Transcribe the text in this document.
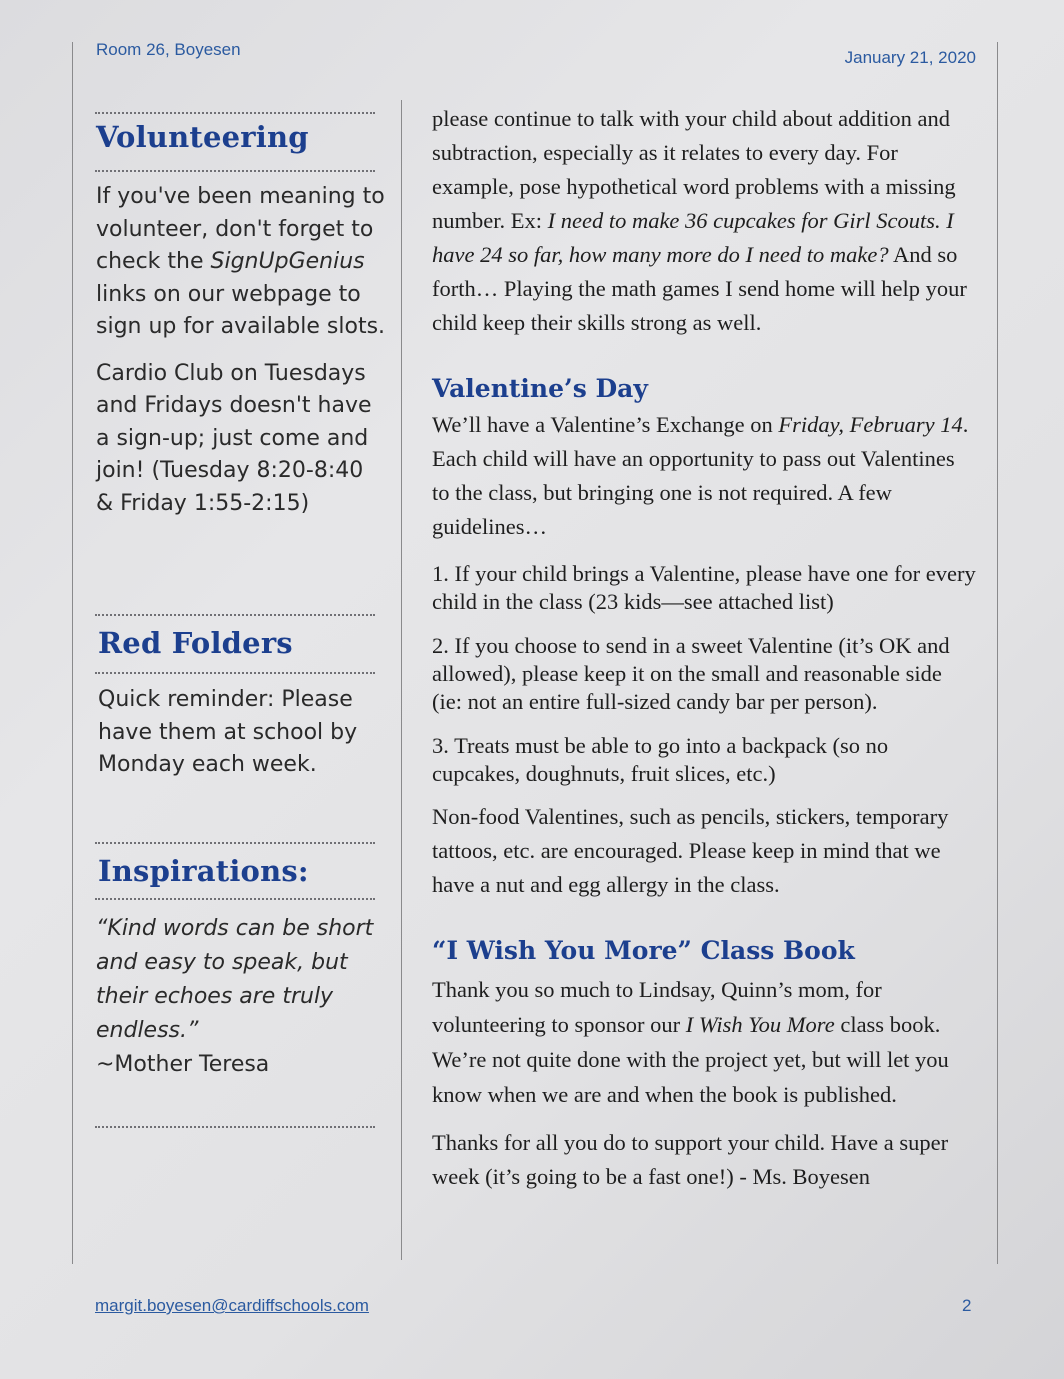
Room 26, Boyesen	January 21, 2020
Volunteering

If you've been meaning to volunteer, don't forget to check the SignUpGenius links on our webpage to sign up for available slots.

Cardio Club on Tuesdays and Fridays doesn't have a sign-up; just come and join! (Tuesday 8:20-8:40 & Friday 1:55-2:15)

Red Folders

Quick reminder: Please have them at school by Monday each week.

Inspirations:

“Kind words can be short and easy to speak, but their echoes are truly endless.”

~Mother Teresa

please continue to talk with your child about addition and subtraction, especially as it relates to every day. For example, pose hypothetical word problems with a missing number. Ex: I need to make 36 cupcakes for Girl Scouts. I have 24 so far, how many more do I need to make? And so forth… Playing the math games I send home will help your child keep their skills strong as well.

Valentine’s Day

We’ll have a Valentine’s Exchange on Friday, February 14. Each child will have an opportunity to pass out Valentines to the class, but bringing one is not required. A few guidelines…

1. If your child brings a Valentine, please have one for every child in the class (23 kids—see attached list)

2. If you choose to send in a sweet Valentine (it’s OK and allowed), please keep it on the small and reasonable side (ie: not an entire full-sized candy bar per person).

3. Treats must be able to go into a backpack (so no cupcakes, doughnuts, fruit slices, etc.)

Non-food Valentines, such as pencils, stickers, temporary tattoos, etc. are encouraged. Please keep in mind that we have a nut and egg allergy in the class.

“I Wish You More” Class Book

Thank you so much to Lindsay, Quinn’s mom, for volunteering to sponsor our I Wish You More class book. We’re not quite done with the project yet, but will let you know when we are and when the book is published.

Thanks for all you do to support your child. Have a super week (it’s going to be a fast one!) - Ms. Boyesen

margit.boyesen@cardiffschools.com	2
